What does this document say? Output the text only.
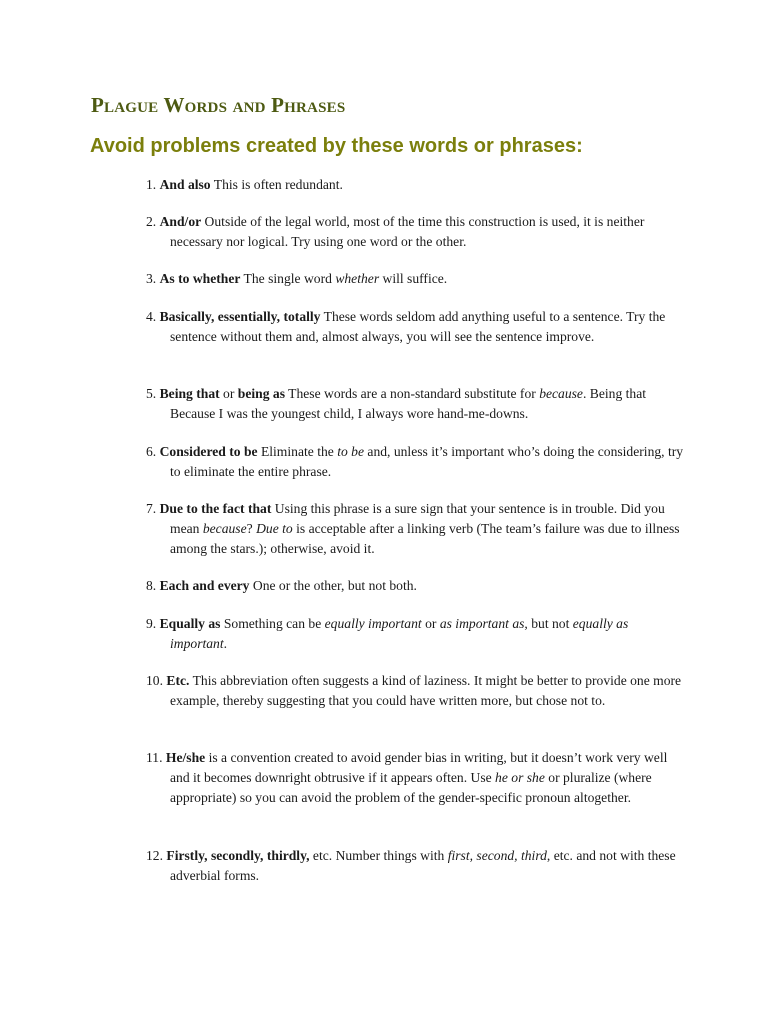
Plague Words and Phrases
Avoid problems created by these words or phrases:
1. And also This is often redundant.
2. And/or Outside of the legal world, most of the time this construction is used, it is neither necessary nor logical. Try using one word or the other.
3. As to whether The single word whether will suffice.
4. Basically, essentially, totally These words seldom add anything useful to a sentence. Try the sentence without them and, almost always, you will see the sentence improve.
5. Being that or being as These words are a non-standard substitute for because. Being that Because I was the youngest child, I always wore hand-me-downs.
6. Considered to be Eliminate the to be and, unless it’s important who’s doing the considering, try to eliminate the entire phrase.
7. Due to the fact that Using this phrase is a sure sign that your sentence is in trouble. Did you mean because? Due to is acceptable after a linking verb (The team’s failure was due to illness among the stars.); otherwise, avoid it.
8. Each and every One or the other, but not both.
9. Equally as Something can be equally important or as important as, but not equally as important.
10. Etc. This abbreviation often suggests a kind of laziness. It might be better to provide one more example, thereby suggesting that you could have written more, but chose not to.
11. He/she is a convention created to avoid gender bias in writing, but it doesn’t work very well and it becomes downright obtrusive if it appears often. Use he or she or pluralize (where appropriate) so you can avoid the problem of the gender-specific pronoun altogether.
12. Firstly, secondly, thirdly, etc. Number things with first, second, third, etc. and not with these adverbial forms.
